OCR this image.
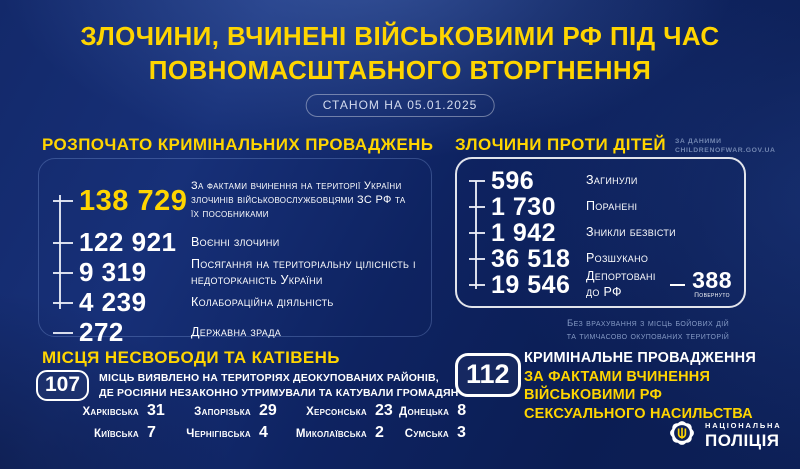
ЗЛОЧИНИ, ВЧИНЕНІ ВІЙСЬКОВИМИ РФ ПІД ЧАС
ПОВНОМАСШТАБНОГО ВТОРГНЕННЯ
СТАНОМ НА 05.01.2025
РОЗПОЧАТО КРИМІНАЛЬНИХ ПРОВАДЖЕНЬ
138 729 За фактами вчинення на території України злочинів військовослужбовцями ЗС РФ та їх пособниками
122 921	Воєнні злочини
9 319	Посягання на територіальну цілісність і недоторканість України
4 239	Колабораційна діяльність
272	Державна зрада
ЗЛОЧИНИ ПРОТИ ДІТЕЙ ЗА ДАНИМИ
CHILDRENOFWAR.GOV.UA
596	Загинули
1 730	Поранені
1 942	Зникли безвісти
36 518	Розшукано
19 546	Депортовані до РФ	388
Повернуто
Без врахування з місць бойових дій
та тимчасово окупованих територій
МІСЦЯ НЕСВОБОДИ ТА КАТІВЕНЬ
107	МІСЦЬ ВИЯВЛЕНО НА ТЕРИТОРІЯХ ДЕОКУПОВАНИХ РАЙОНІВ,
ДЕ РОСІЯНИ НЕЗАКОННО УТРИМУВАЛИ ТА КАТУВАЛИ ГРОМАДЯН
Харківська 31	Запорізька 29	Херсонська 23 Донецька 8
Київська 7	Чернігівська 4	Миколаївська 2	Сумська 3
112
КРИМІНАЛЬНЕ ПРОВАДЖЕННЯ
ЗА ФАКТАМИ ВЧИНЕННЯ
ВІЙСЬКОВИМИ РФ
СЕКСУАЛЬНОГО НАСИЛЬСТВА
НАЦІОНАЛЬНА
ПОЛІЦІЯ
